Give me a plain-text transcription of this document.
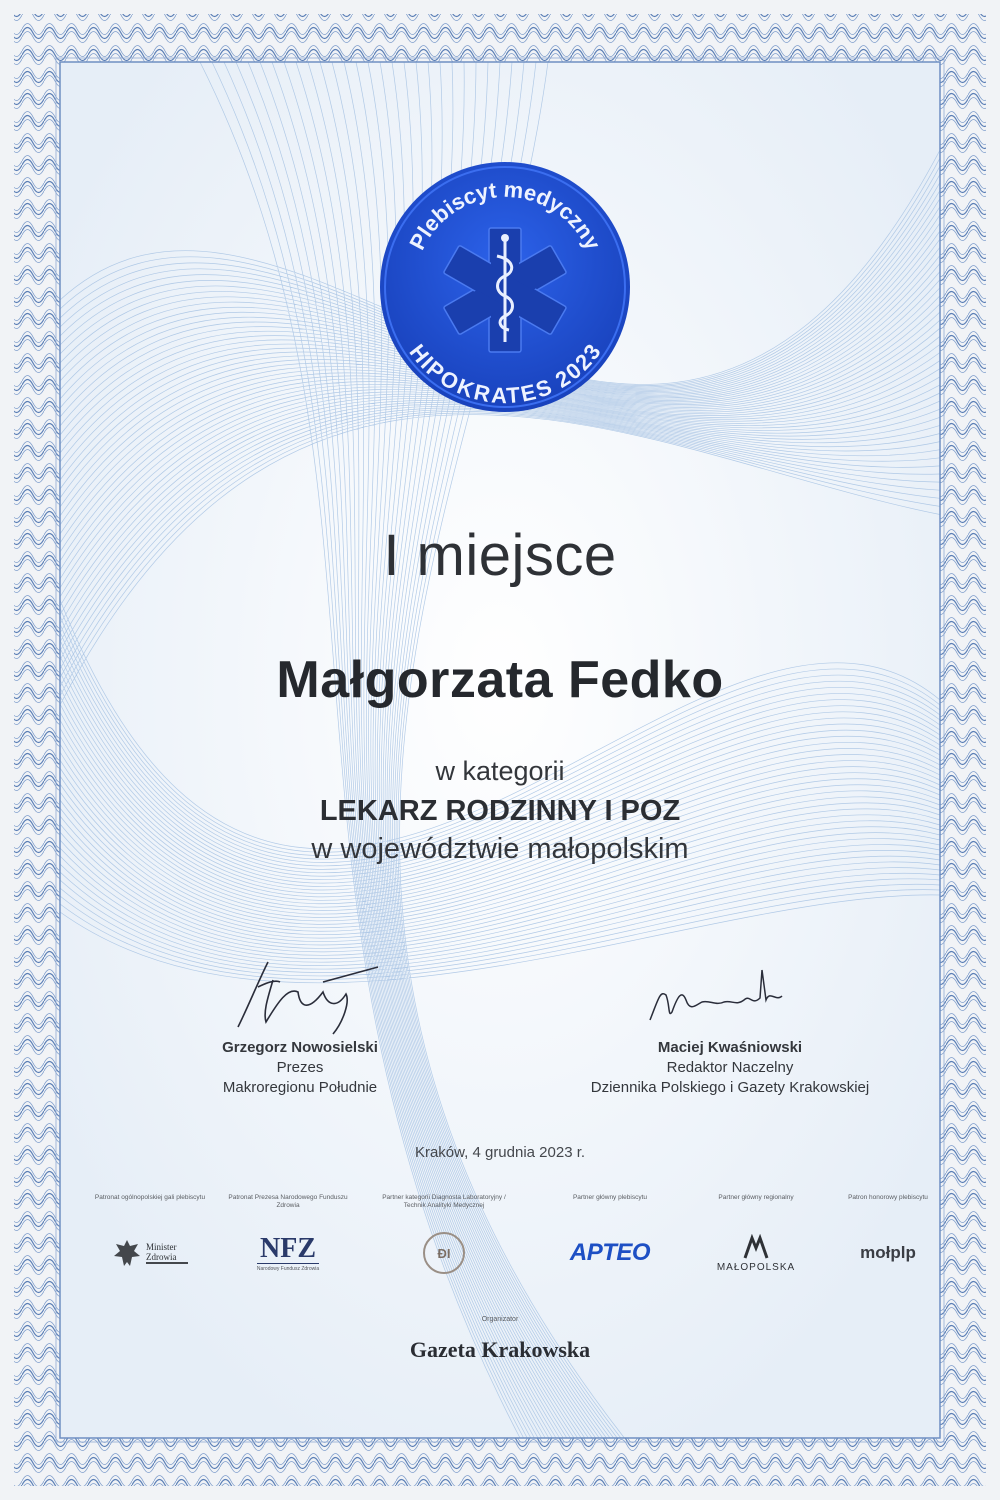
Plebiscyt medyczny
HIPOKRATES 2023
I miejsce
Małgorzata Fedko
w kategorii
LEKARZ RODZINNY I POZ
w województwie małopolskim
Grzegorz Nowosielski
Prezes
Makroregionu Południe
Maciej Kwaśniowski
Redaktor Naczelny
Dziennika Polskiego i Gazety Krakowskiej
Kraków, 4 grudnia 2023 r.
Patronat ogólnopolskiej gali plebiscytu
Minister Zdrowia
Patronat Prezesa Narodowego Funduszu Zdrowia
NFZ
Narodowy Fundusz Zdrowia
Partner kategorii Diagnosta Laboratoryjny / Technik Analityki Medycznej
ÐI
Partner główny plebiscytu
APTEO
Partner główny regionalny
MAŁOPOLSKA
Patron honorowy plebiscytu
mołplp
Organizator
Gazeta Krakowska
